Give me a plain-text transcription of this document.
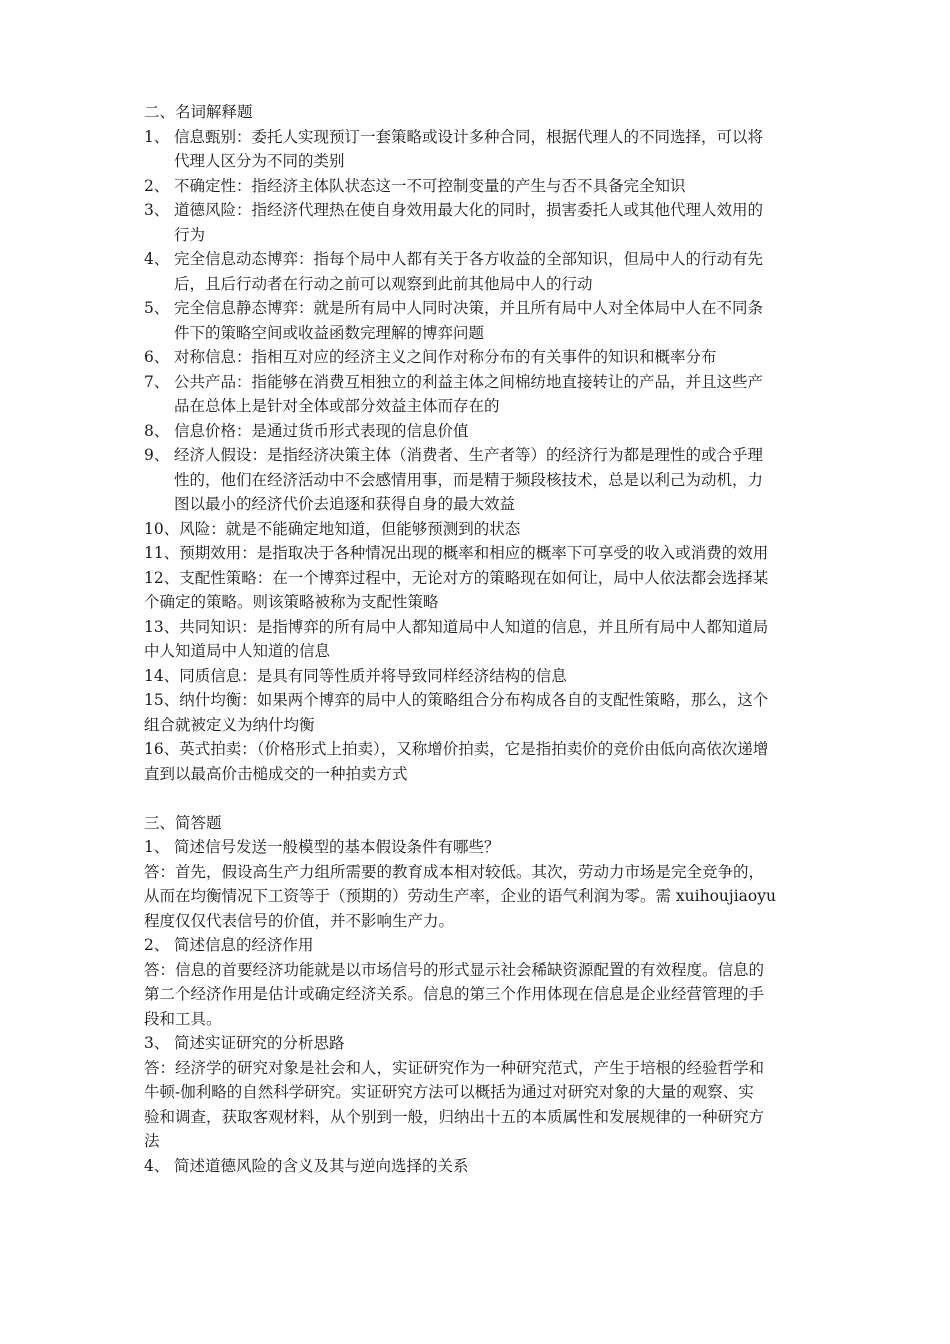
二、名词解释题

1、 信息甄别：委托人实现预订一套策略或设计多种合同，根据代理人的不同选择，可以将

代理人区分为不同的类别

2、 不确定性：指经济主体队状态这一不可控制变量的产生与否不具备完全知识

3、 道德风险：指经济代理热在使自身效用最大化的同时，损害委托人或其他代理人效用的

行为

4、 完全信息动态博弈：指每个局中人都有关于各方收益的全部知识，但局中人的行动有先

后，且后行动者在行动之前可以观察到此前其他局中人的行动

5、 完全信息静态博弈：就是所有局中人同时决策，并且所有局中人对全体局中人在不同条

件下的策略空间或收益函数完理解的博弈问题

6、 对称信息：指相互对应的经济主义之间作对称分布的有关事件的知识和概率分布

7、 公共产品：指能够在消费互相独立的利益主体之间棉纺地直接转让的产品，并且这些产

品在总体上是针对全体或部分效益主体而存在的

8、 信息价格：是通过货币形式表现的信息价值

9、 经济人假设：是指经济决策主体（消费者、生产者等）的经济行为都是理性的或合乎理

性的，他们在经济活动中不会感情用事，而是精于频段核技术，总是以利己为动机，力

图以最小的经济代价去追逐和获得自身的最大效益

10、风险：就是不能确定地知道，但能够预测到的状态

11、预期效用：是指取决于各种情况出现的概率和相应的概率下可享受的收入或消费的效用

12、支配性策略：在一个博弈过程中，无论对方的策略现在如何让，局中人依法都会选择某

个确定的策略。则该策略被称为支配性策略

13、共同知识：是指博弈的所有局中人都知道局中人知道的信息，并且所有局中人都知道局

中人知道局中人知道的信息

14、同质信息：是具有同等性质并将导致同样经济结构的信息

15、纳什均衡：如果两个博弈的局中人的策略组合分布构成各自的支配性策略，那么，这个

组合就被定义为纳什均衡

16、英式拍卖：（价格形式上拍卖），又称增价拍卖，它是指拍卖价的竞价由低向高依次递增

直到以最高价击槌成交的一种拍卖方式

三、简答题

1、 简述信号发送一般模型的基本假设条件有哪些？

答：首先，假设高生产力组所需要的教育成本相对较低。其次，劳动力市场是完全竞争的，

从而在均衡情况下工资等于（预期的）劳动生产率，企业的语气利润为零。需 xuihoujiaoyu

程度仅仅代表信号的价值，并不影响生产力。

2、 简述信息的经济作用

答：信息的首要经济功能就是以市场信号的形式显示社会稀缺资源配置的有效程度。信息的

第二个经济作用是估计或确定经济关系。信息的第三个作用体现在信息是企业经营管理的手

段和工具。

3、 简述实证研究的分析思路

答：经济学的研究对象是社会和人，实证研究作为一种研究范式，产生于培根的经验哲学和

牛顿-伽利略的自然科学研究。实证研究方法可以概括为通过对研究对象的大量的观察、实

验和调查，获取客观材料，从个别到一般，归纳出十五的本质属性和发展规律的一种研究方

法

4、 简述道德风险的含义及其与逆向选择的关系
